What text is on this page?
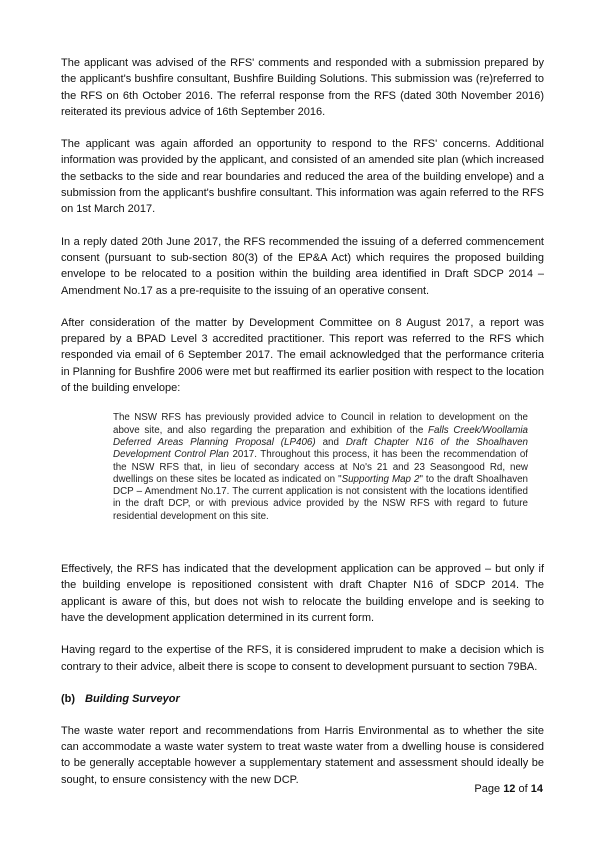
The applicant was advised of the RFS' comments and responded with a submission prepared by the applicant's bushfire consultant, Bushfire Building Solutions. This submission was (re)referred to the RFS on 6th October 2016. The referral response from the RFS (dated 30th November 2016) reiterated its previous advice of 16th September 2016.

The applicant was again afforded an opportunity to respond to the RFS' concerns. Additional information was provided by the applicant, and consisted of an amended site plan (which increased the setbacks to the side and rear boundaries and reduced the area of the building envelope) and a submission from the applicant's bushfire consultant. This information was again referred to the RFS on 1st March 2017.

In a reply dated 20th June 2017, the RFS recommended the issuing of a deferred commencement consent (pursuant to sub-section 80(3) of the EP&A Act) which requires the proposed building envelope to be relocated to a position within the building area identified in Draft SDCP 2014 – Amendment No.17 as a pre-requisite to the issuing of an operative consent.

After consideration of the matter by Development Committee on 8 August 2017, a report was prepared by a BPAD Level 3 accredited practitioner. This report was referred to the RFS which responded via email of 6 September 2017. The email acknowledged that the performance criteria in Planning for Bushfire 2006 were met but reaffirmed its earlier position with respect to the location of the building envelope:

The NSW RFS has previously provided advice to Council in relation to development on the above site, and also regarding the preparation and exhibition of the Falls Creek/Woollamia Deferred Areas Planning Proposal (LP406) and Draft Chapter N16 of the Shoalhaven Development Control Plan 2017. Throughout this process, it has been the recommendation of the NSW RFS that, in lieu of secondary access at No's 21 and 23 Seasongood Rd, new dwellings on these sites be located as indicated on "Supporting Map 2" to the draft Shoalhaven DCP – Amendment No.17. The current application is not consistent with the locations identified in the draft DCP, or with previous advice provided by the NSW RFS with regard to future residential development on this site.

Effectively, the RFS has indicated that the development application can be approved – but only if the building envelope is repositioned consistent with draft Chapter N16 of SDCP 2014. The applicant is aware of this, but does not wish to relocate the building envelope and is seeking to have the development application determined in its current form.

Having regard to the expertise of the RFS, it is considered imprudent to make a decision which is contrary to their advice, albeit there is scope to consent to development pursuant to section 79BA.

(b) Building Surveyor

The waste water report and recommendations from Harris Environmental as to whether the site can accommodate a waste water system to treat waste water from a dwelling house is considered to be generally acceptable however a supplementary statement and assessment should ideally be sought, to ensure consistency with the new DCP.

Page 12 of 14
